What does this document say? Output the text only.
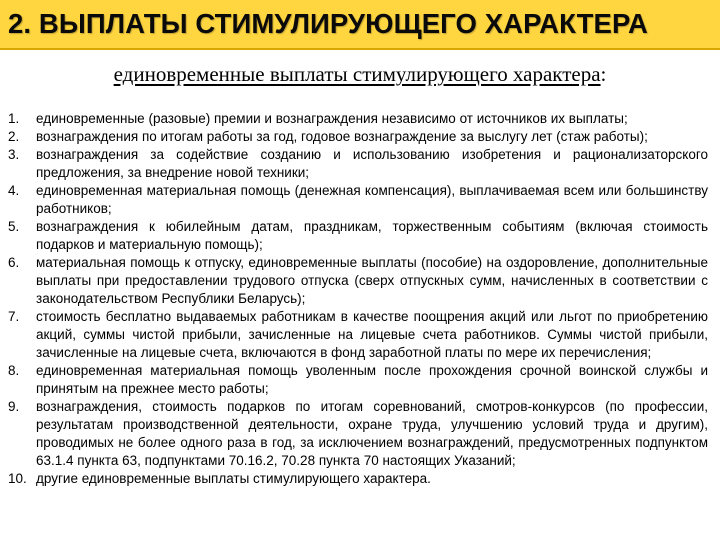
2. ВЫПЛАТЫ СТИМУЛИРУЮЩЕГО ХАРАКТЕРА
единовременные выплаты стимулирующего характера:
1.	единовременные (разовые) премии и вознаграждения независимо от источников их выплаты;
2.	вознаграждения по итогам работы за год, годовое вознаграждение за выслугу лет (стаж работы);
3.	вознаграждения за содействие созданию и использованию изобретения и рационализаторского предложения, за внедрение новой техники;
4.	единовременная материальная помощь (денежная компенсация), выплачиваемая всем или большинству работников;
5.	вознаграждения к юбилейным датам, праздникам, торжественным событиям (включая стоимость подарков и материальную помощь);
6.	материальная помощь к отпуску, единовременные выплаты (пособие) на оздоровление, дополнительные выплаты при предоставлении трудового отпуска (сверх отпускных сумм, начисленных в соответствии с законодательством Республики Беларусь);
7.	стоимость бесплатно выдаваемых работникам в качестве поощрения акций или льгот по приобретению акций, суммы чистой прибыли, зачисленные на лицевые счета работников. Суммы чистой прибыли, зачисленные на лицевые счета, включаются в фонд заработной платы по мере их перечисления;
8.	единовременная материальная помощь уволенным после прохождения срочной воинской службы и принятым на прежнее место работы;
9.	вознаграждения, стоимость подарков по итогам соревнований, смотров-конкурсов (по профессии, результатам производственной деятельности, охране труда, улучшению условий труда и другим), проводимых не более одного раза в год, за исключением вознаграждений, предусмотренных подпунктом 63.1.4 пункта 63, подпунктами 70.16.2, 70.28 пункта 70 настоящих Указаний;
10. другие единовременные выплаты стимулирующего характера.
